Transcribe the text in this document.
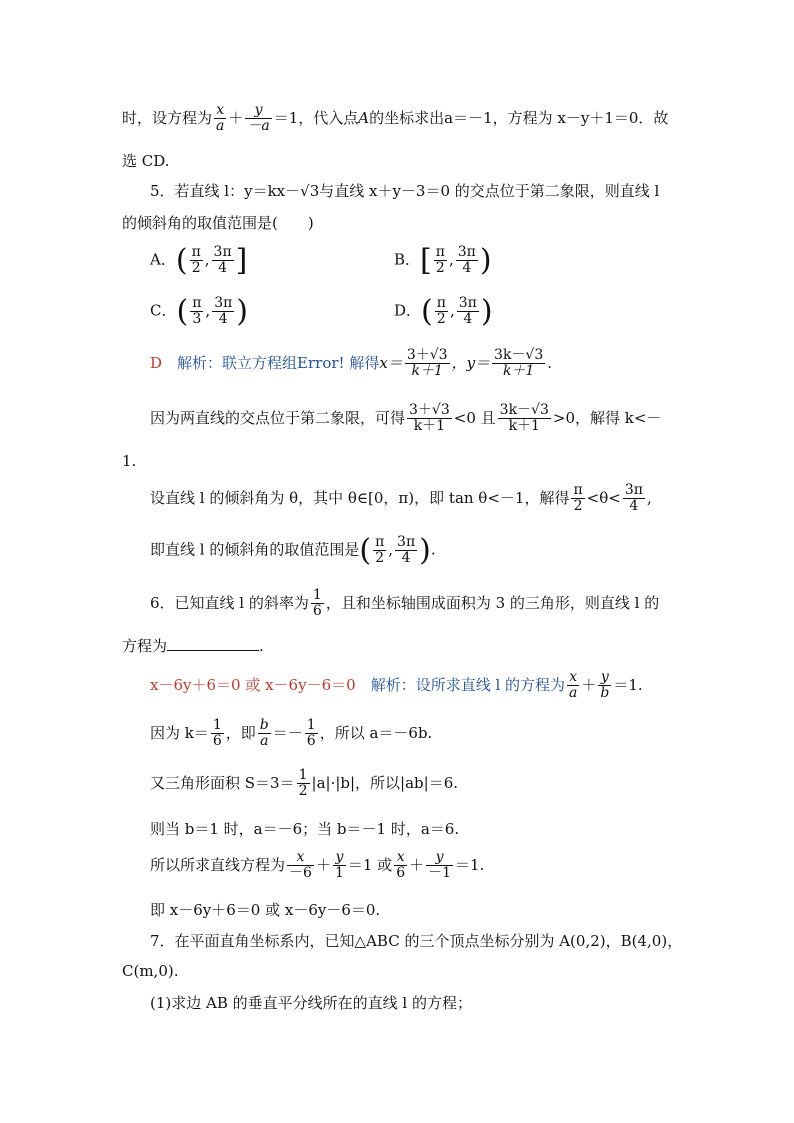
时，设方程为 $\frac{x}{a} + \frac{y}{-a} =1$，代入点A的坐标求出a＝－1，方程为 x－y＋1＝0．故
选 CD.
5．若直线 l：y＝kx－√3与直线 x＋y－3＝0 的交点位于第二象限，则直线 l
的倾斜角的取值范围是(　　)
A．( $\frac{\pi}{2}$ , $\frac{3\pi}{4}$ ]	B．[ $\frac{\pi}{2}$ , $\frac{3\pi}{4}$ )
C．( $\frac{\pi}{3}$ , $\frac{3\pi}{4}$ )	D．( $\frac{\pi}{2}$ , $\frac{3\pi}{4}$ )
D　 解析：联立方程组Error! 解得$x= \frac{3+√3}{k+1}$ ，$y= \frac{3k-√3}{k+1}$ .
因为两直线的交点位于第二象限，可得 $\frac{3+√3}{k+1} <0$ 且 $\frac{3k-√3}{k+1} >0$，解得 k<－
1.
设直线 l 的倾斜角为 θ，其中 θ∈[0，π)，即 tan θ<－1，解得 $\frac{\pi}{2} <\theta< \frac{3\pi}{4}$ ,
即直线 l 的倾斜角的取值范围是( $\frac{\pi}{2}$ , $\frac{3\pi}{4}$ ).
6．已知直线 l 的斜率为 $\frac{1}{6}$ ，且和坐标轴围成面积为 3 的三角形，则直线 l 的
方程为	.
x－6y＋6＝0 或 x－6y－6＝0　 解析：设所求直线 l 的方程为 $\frac{x}{a} + \frac{y}{b} =1$.
因为 $k= \frac{1}{6}$ ，即 $\frac{b}{a} =- \frac{1}{6}$ ，所以 a＝－6b.
又三角形面积 $S=3= \frac{1}{2} |a|\cdot|b|$，所以|ab|＝6.
则当 b＝1 时，a＝－6；当 b＝－1 时，a＝6.
所以所求直线方程为 $\frac{x}{-6} + \frac{y}{1} =1$ 或 $\frac{x}{6} + \frac{y}{-1} =1$.
即 x－6y＋6＝0 或 x－6y－6＝0.
7．在平面直角坐标系内，已知△ABC 的三个顶点坐标分别为 A(0,2)，B(4,0)，
C(m,0).
(1)求边 AB 的垂直平分线所在的直线 l 的方程；
